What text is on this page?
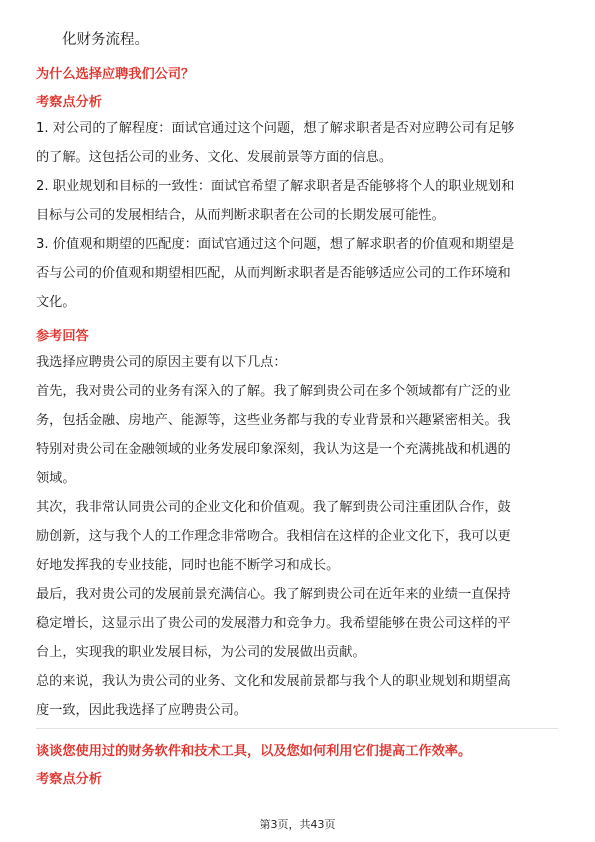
化财务流程。
为什么选择应聘我们公司？
考察点分析
1. 对公司的了解程度：面试官通过这个问题，想了解求职者是否对应聘公司有足够
的了解。这包括公司的业务、文化、发展前景等方面的信息。
2. 职业规划和目标的一致性：面试官希望了解求职者是否能够将个人的职业规划和
目标与公司的发展相结合，从而判断求职者在公司的长期发展可能性。
3. 价值观和期望的匹配度：面试官通过这个问题，想了解求职者的价值观和期望是
否与公司的价值观和期望相匹配，从而判断求职者是否能够适应公司的工作环境和
文化。
参考回答
我选择应聘贵公司的原因主要有以下几点：
首先，我对贵公司的业务有深入的了解。我了解到贵公司在多个领域都有广泛的业
务，包括金融、房地产、能源等，这些业务都与我的专业背景和兴趣紧密相关。我
特别对贵公司在金融领域的业务发展印象深刻，我认为这是一个充满挑战和机遇的
领域。
其次，我非常认同贵公司的企业文化和价值观。我了解到贵公司注重团队合作，鼓
励创新，这与我个人的工作理念非常吻合。我相信在这样的企业文化下，我可以更
好地发挥我的专业技能，同时也能不断学习和成长。
最后，我对贵公司的发展前景充满信心。我了解到贵公司在近年来的业绩一直保持
稳定增长，这显示出了贵公司的发展潜力和竞争力。我希望能够在贵公司这样的平
台上，实现我的职业发展目标，为公司的发展做出贡献。
总的来说，我认为贵公司的业务、文化和发展前景都与我个人的职业规划和期望高
度一致，因此我选择了应聘贵公司。
谈谈您使用过的财务软件和技术工具，以及您如何利用它们提高工作效率。
考察点分析
第3页，共43页
